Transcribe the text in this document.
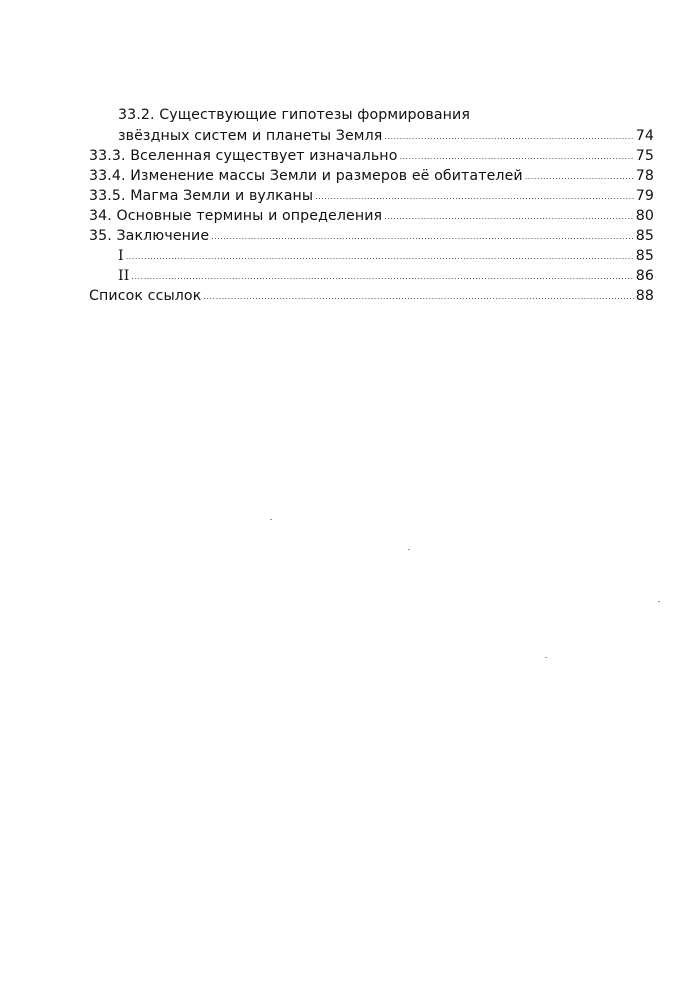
33.2. Существующие гипотезы формирования
звёздных систем и планеты Земля .....	74
33.3. Вселенная существует изначально .....	75
33.4. Изменение массы Земли и размеров её обитателей .....	78
33.5. Магма Земли и вулканы .....	79
34. Основные термины и определения .....	80
35. Заключение .....	85
I .....	85
II .....	86
Список ссылок .....	88
